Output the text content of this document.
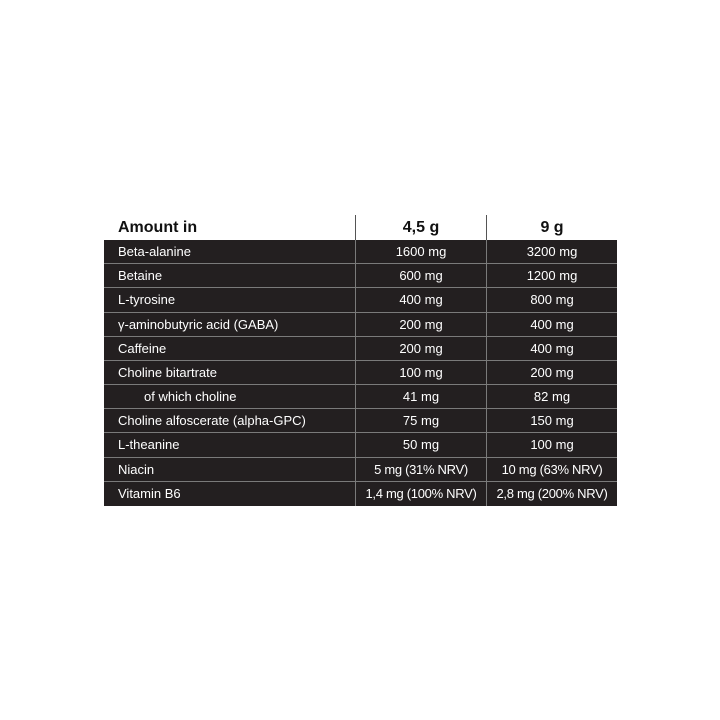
Amount in	4,5 g	9 g
Beta-alanine	1600 mg	3200 mg
Betaine	600 mg	1200 mg
L-tyrosine	400 mg	800 mg
γ-aminobutyric acid (GABA)	200 mg	400 mg
Caffeine	200 mg	400 mg
Choline bitartrate	100 mg	200 mg
of which choline	41 mg	82 mg
Choline alfoscerate (alpha-GPC)	75 mg	150 mg
L-theanine	50 mg	100 mg
Niacin	5 mg (31% NRV)	10 mg (63% NRV)
Vitamin B6	1,4 mg (100% NRV)	2,8 mg (200% NRV)
